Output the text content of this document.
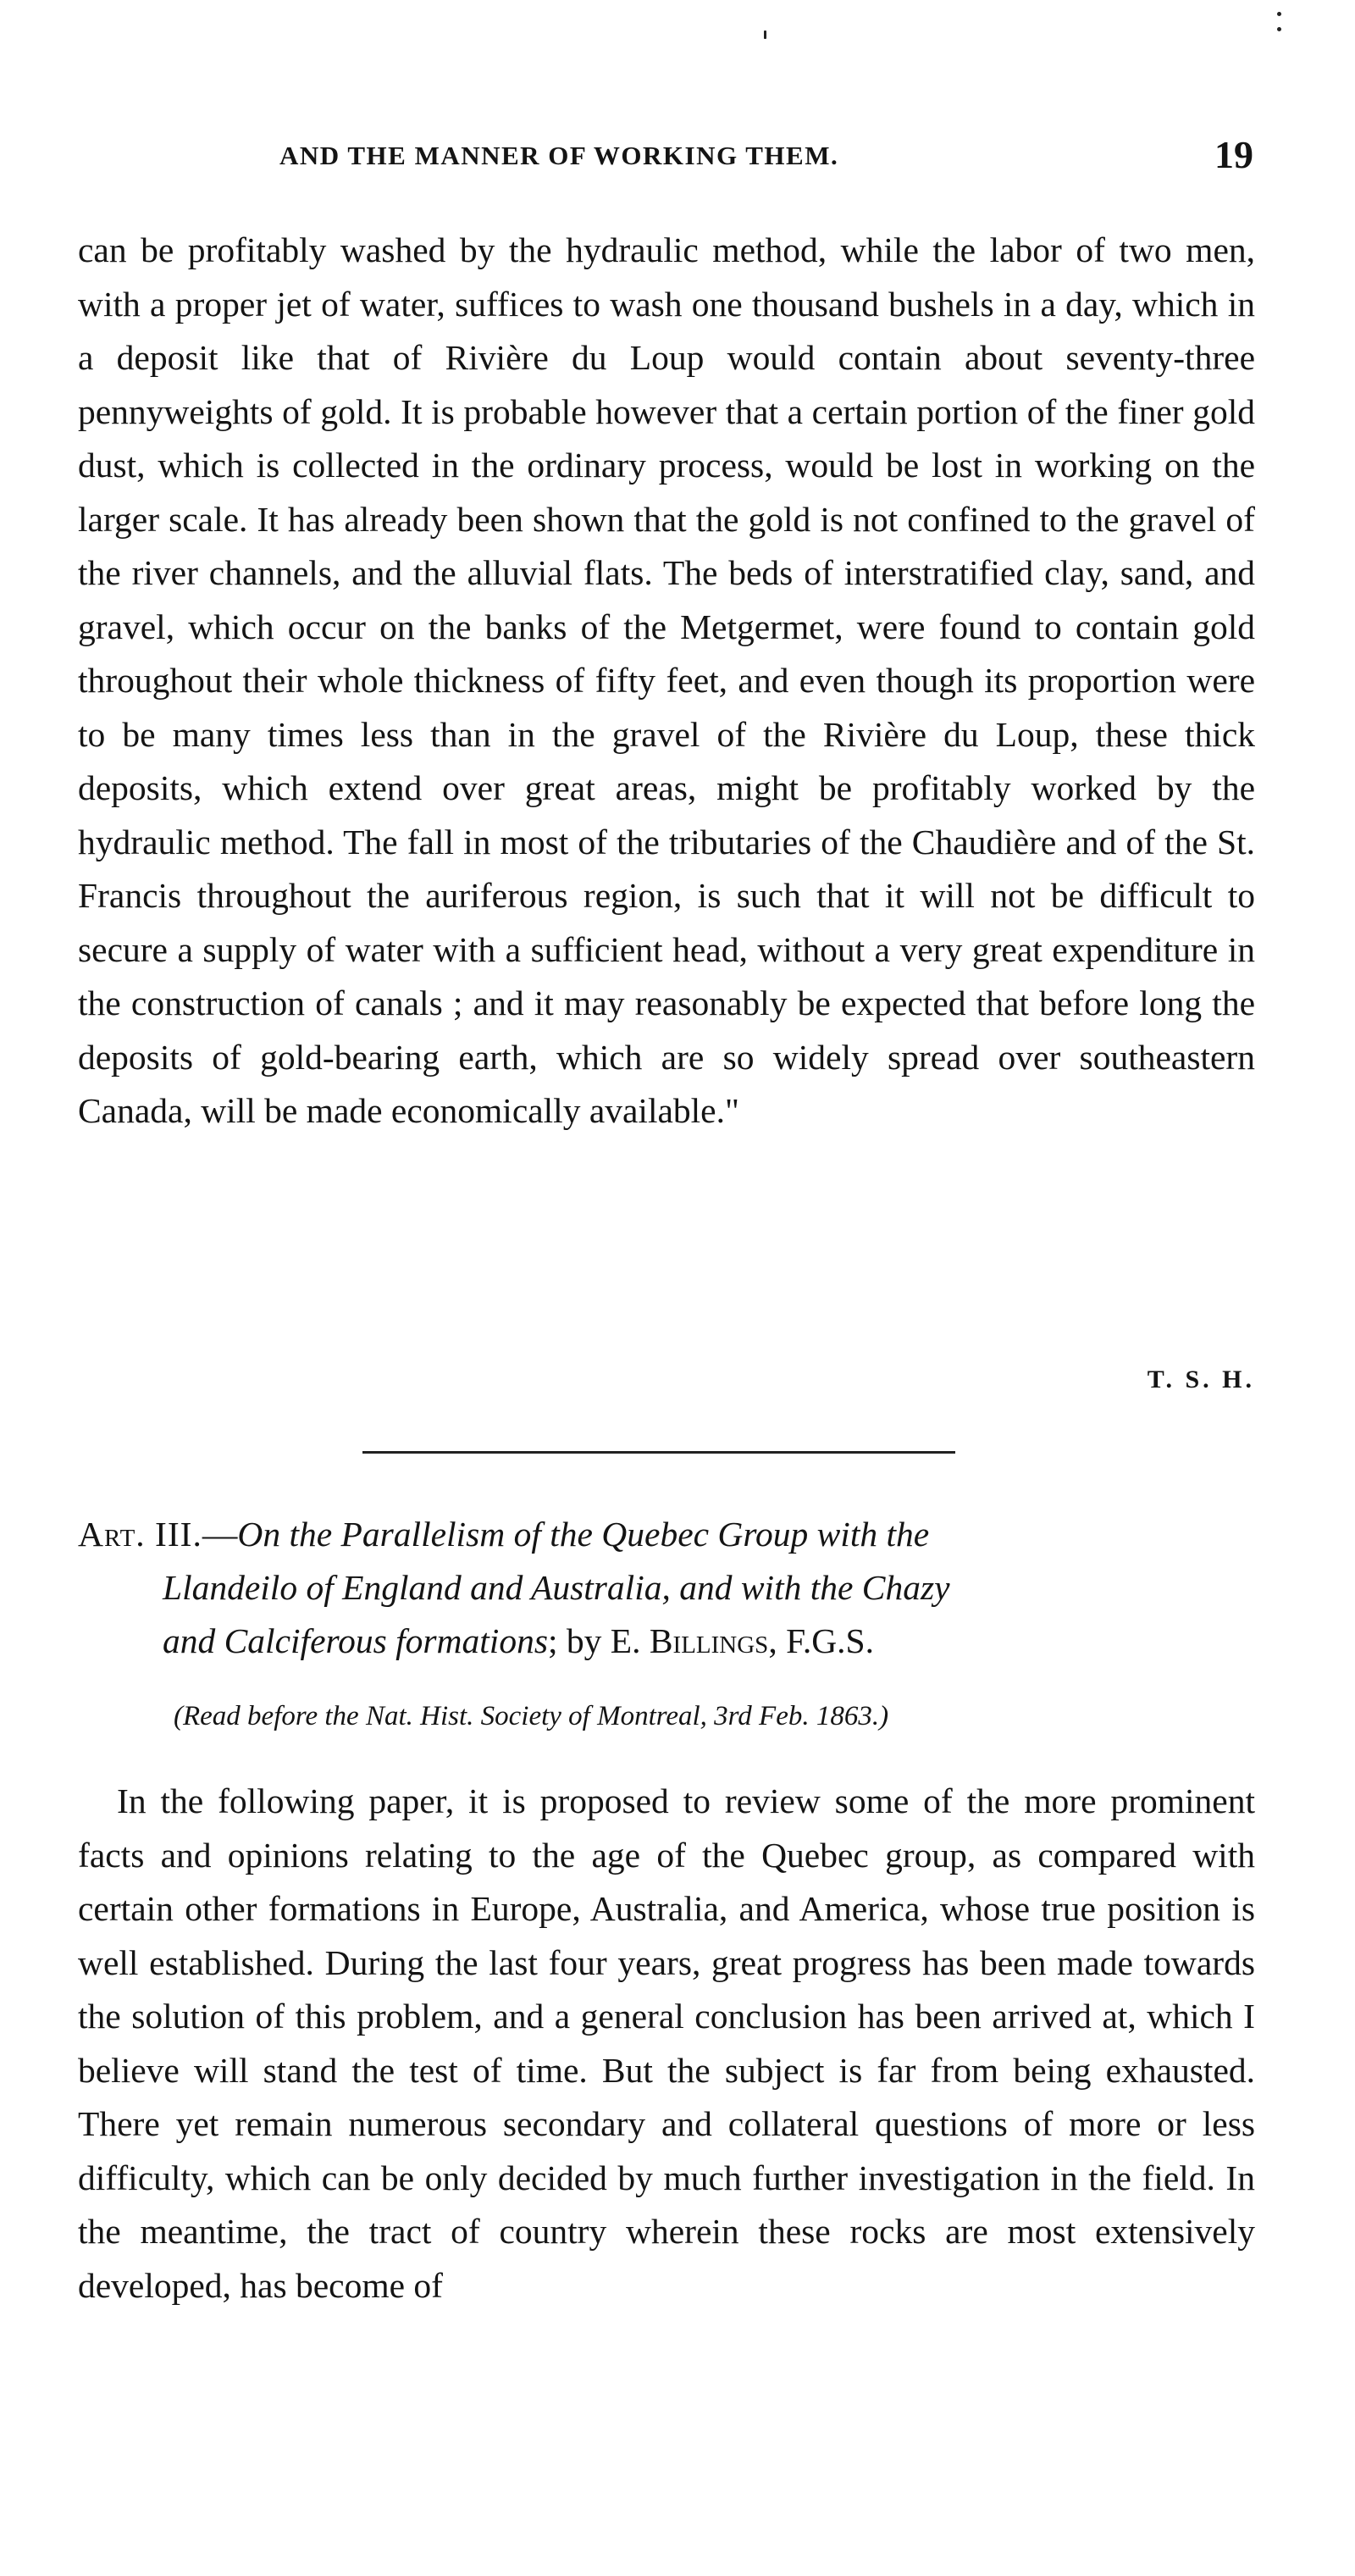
AND THE MANNER OF WORKING THEM.	19

can be profitably washed by the hydraulic method, while the labor of two men, with a proper jet of water, suffices to wash one thousand bushels in a day, which in a deposit like that of Rivière du Loup would contain about seventy-three pennyweights of gold. It is probable however that a certain portion of the finer gold dust, which is collected in the ordinary process, would be lost in working on the larger scale. It has already been shown that the gold is not confined to the gravel of the river channels, and the alluvial flats. The beds of interstratified clay, sand, and gravel, which occur on the banks of the Metgermet, were found to contain gold throughout their whole thickness of fifty feet, and even though its proportion were to be many times less than in the gravel of the Rivière du Loup, these thick deposits, which extend over great areas, might be profitably worked by the hydraulic method. The fall in most of the tributaries of the Chaudière and of the St. Francis throughout the auriferous region, is such that it will not be difficult to secure a supply of water with a sufficient head, without a very great expenditure in the construction of canals ; and it may reasonably be expected that before long the deposits of gold-bearing earth, which are so widely spread over southeastern Canada, will be made economically available."

T. S. H.
Art. III.—On the Parallelism of the Quebec Group with the
Llandeilo of England and Australia, and with the Chazy
and Calciferous formations; by E. Billings, F.G.S.
(Read before the Nat. Hist. Society of Montreal, 3rd Feb. 1863.)

In the following paper, it is proposed to review some of the more prominent facts and opinions relating to the age of the Quebec group, as compared with certain other formations in Europe, Australia, and America, whose true position is well established. During the last four years, great progress has been made towards the solution of this problem, and a general conclusion has been arrived at, which I believe will stand the test of time. But the subject is far from being exhausted. There yet remain numerous secondary and collateral questions of more or less difficulty, which can be only decided by much further investigation in the field. In the meantime, the tract of country wherein these rocks are most extensively developed, has become of
